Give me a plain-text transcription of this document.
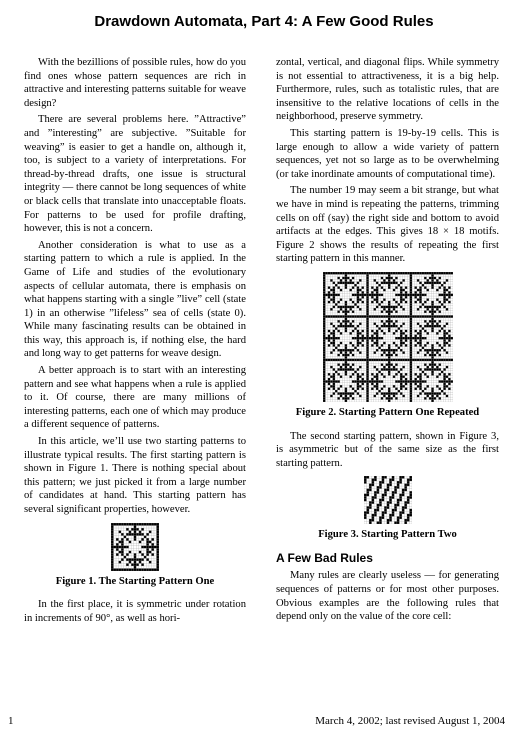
Drawdown Automata, Part 4: A Few Good Rules

With the bezillions of possible rules, how do you find ones whose pattern sequences are rich in attractive and interesting patterns suitable for weave design?

There are several problems here. ”Attractive” and ”interesting” are subjective. ”Suitable for weaving” is easier to get a handle on, although it, too, is subject to a variety of interpretations. For thread-by-thread drafts, one issue is structural integrity — there cannot be long sequences of white or black cells that translate into unacceptable floats. For patterns to be used for profile drafting, however, this is not a concern.

Another consideration is what to use as a starting pattern to which a rule is applied. In the Game of Life and studies of the evolutionary aspects of cellular automata, there is emphasis on what happens starting with a single ”live” cell (state 1) in an otherwise ”lifeless” sea of cells (state 0). While many fascinating results can be obtained in this way, this approach is, if nothing else, the hard and long way to get patterns for weave design.

A better approach is to start with an interesting pattern and see what happens when a rule is applied to it. Of course, there are many millions of interesting patterns, each one of which may produce a different sequence of patterns.

In this article, we’ll use two starting patterns to illustrate typical results. The first starting pattern is shown in Figure 1. There is nothing special about this pattern; we just picked it from a large number of candidates at hand. This starting pattern has several significant properties, however.

Figure 1. The Starting Pattern One

In the first place, it is symmetric under rotation in increments of 90°, as well as hori-

zontal, vertical, and diagonal flips. While symmetry is not essential to attractiveness, it is a big help. Furthermore, rules, such as totalistic rules, that are insensitive to the relative locations of cells in the neighborhood, preserve symmetry.

This starting pattern is 19-by-19 cells. This is large enough to allow a wide variety of pattern sequences, yet not so large as to be overwhelming (or take inordinate amounts of computational time).

The number 19 may seem a bit strange, but what we have in mind is repeating the patterns, trimming cells on off (say) the right side and bottom to avoid artifacts at the edges. This gives 18 × 18 motifs. Figure 2 shows the results of repeating the first starting pattern in this manner.

Figure 2. Starting Pattern One Repeated

The second starting pattern, shown in Figure 3, is asymmetric but of the same size as the first starting pattern.

Figure 3. Starting Pattern Two
A Few Bad Rules

Many rules are clearly useless — for generating sequences of patterns or for most other purposes. Obvious examples are the following rules that depend only on the value of the core cell:

1	March 4, 2002; last revised August 1, 2004
